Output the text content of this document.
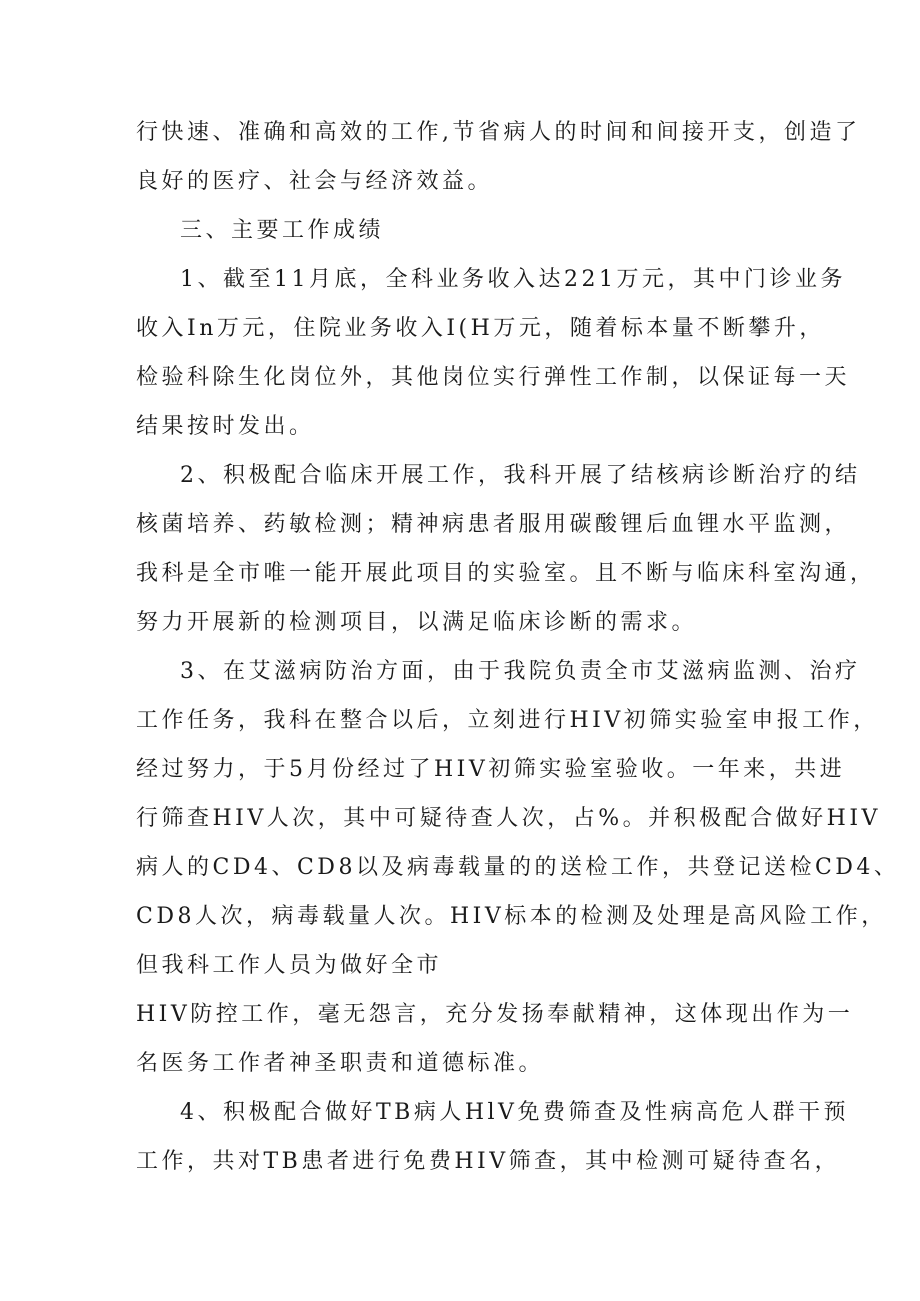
行快速、准确和高效的工作,节省病人的时间和间接开支，创造了
良好的医疗、社会与经济效益。
三、主要工作成绩
1、截至11月底，全科业务收入达221万元，其中门诊业务
收入In万元，住院业务收入I(H万元，随着标本量不断攀升，
检验科除生化岗位外，其他岗位实行弹性工作制，以保证每一天
结果按时发出。
2、积极配合临床开展工作，我科开展了结核病诊断治疗的结
核菌培养、药敏检测；精神病患者服用碳酸锂后血锂水平监测，
我科是全市唯一能开展此项目的实验室。且不断与临床科室沟通，
努力开展新的检测项目，以满足临床诊断的需求。
3、在艾滋病防治方面，由于我院负责全市艾滋病监测、治疗
工作任务，我科在整合以后，立刻进行HIV初筛实验室申报工作，
经过努力，于5月份经过了HIV初筛实验室验收。一年来，共进
行筛查HIV人次，其中可疑待查人次，占%。并积极配合做好HIV
病人的CD4、CD8以及病毒载量的的送检工作，共登记送检CD4、
CD8人次，病毒载量人次。HIV标本的检测及处理是高风险工作，
但我科工作人员为做好全市
HIV防控工作，毫无怨言，充分发扬奉献精神，这体现出作为一
名医务工作者神圣职责和道德标准。
4、积极配合做好TB病人HlV免费筛查及性病高危人群干预
工作，共对TB患者进行免费HIV筛查，其中检测可疑待查名，
